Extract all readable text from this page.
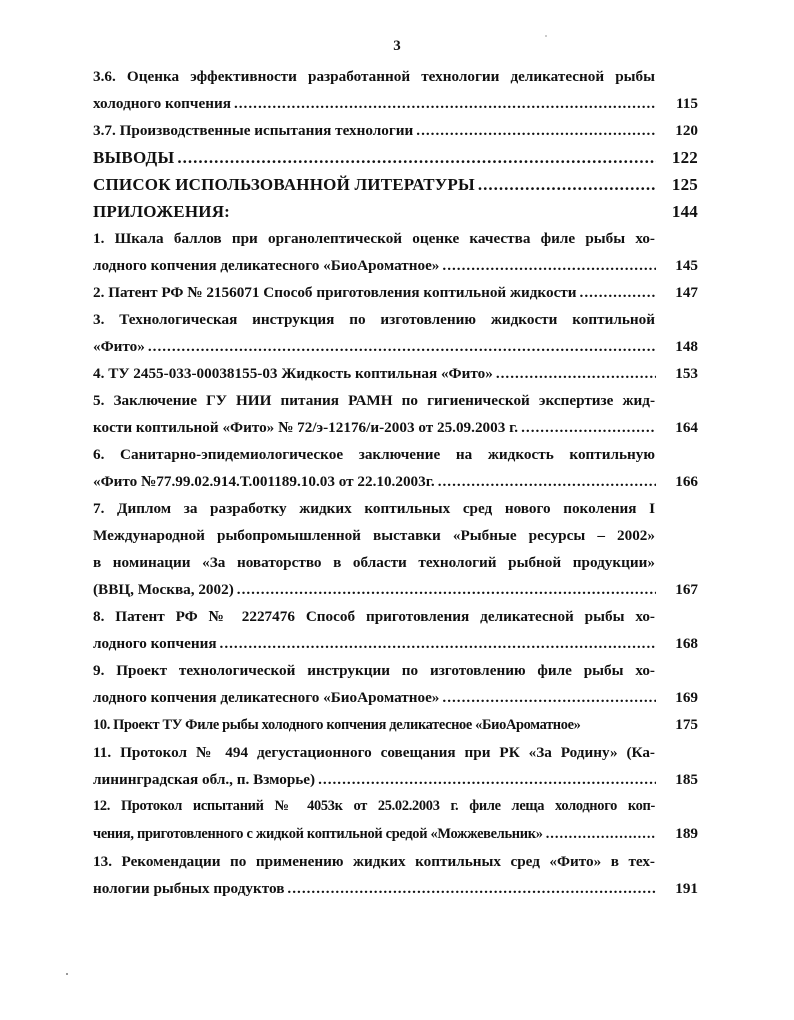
3
3.6. Оценка эффективности разработанной технологии деликатесной рыбы
холодного копчения .....	115
3.7. Производственные испытания технологии .....	120
ВЫВОДЫ .....	122
СПИСОК ИСПОЛЬЗОВАННОЙ ЛИТЕРАТУРЫ .....	125
ПРИЛОЖЕНИЯ:	144
1. Шкала баллов при органолептической оценке качества филе рыбы хо-
лодного копчения деликатесного «БиоАроматное» .....	145
2. Патент РФ № 2156071 Способ приготовления коптильной жидкости .....	147
3. Технологическая инструкция по изготовлению жидкости коптильной
«Фито» .....	148
4. ТУ 2455-033-00038155-03 Жидкость коптильная «Фито» .....	153
5. Заключение ГУ НИИ питания РАМН по гигиенической экспертизе жид-
кости коптильной «Фито» № 72/э-12176/и-2003 от 25.09.2003 г. .....	164
6. Санитарно-эпидемиологическое заключение на жидкость коптильную
«Фито №77.99.02.914.Т.001189.10.03 от 22.10.2003г. .....	166
7. Диплом за разработку жидких коптильных сред нового поколения I
Международной рыбопромышленной выставки «Рыбные ресурсы – 2002»
в номинации «За новаторство в области технологий рыбной продукции»
(ВВЦ, Москва, 2002) .....	167
8. Патент РФ № 2227476 Способ приготовления деликатесной рыбы хо-
лодного копчения .....	168
9. Проект технологической инструкции по изготовлению филе рыбы хо-
лодного копчения деликатесного «БиоАроматное» .....	169
10. Проект ТУ Филе рыбы холодного копчения деликатесное «БиоАроматное»	175
11. Протокол № 494 дегустационного совещания при РК «За Родину» (Ка-
лининградская обл., п. Взморье) .....	185
12. Протокол испытаний № 4053к от 25.02.2003 г. филе леща холодного коп-
чения, приготовленного с жидкой коптильной средой «Можжевельник» .....	189
13. Рекомендации по применению жидких коптильных сред «Фито» в тех-
нологии рыбных продуктов .....	191
